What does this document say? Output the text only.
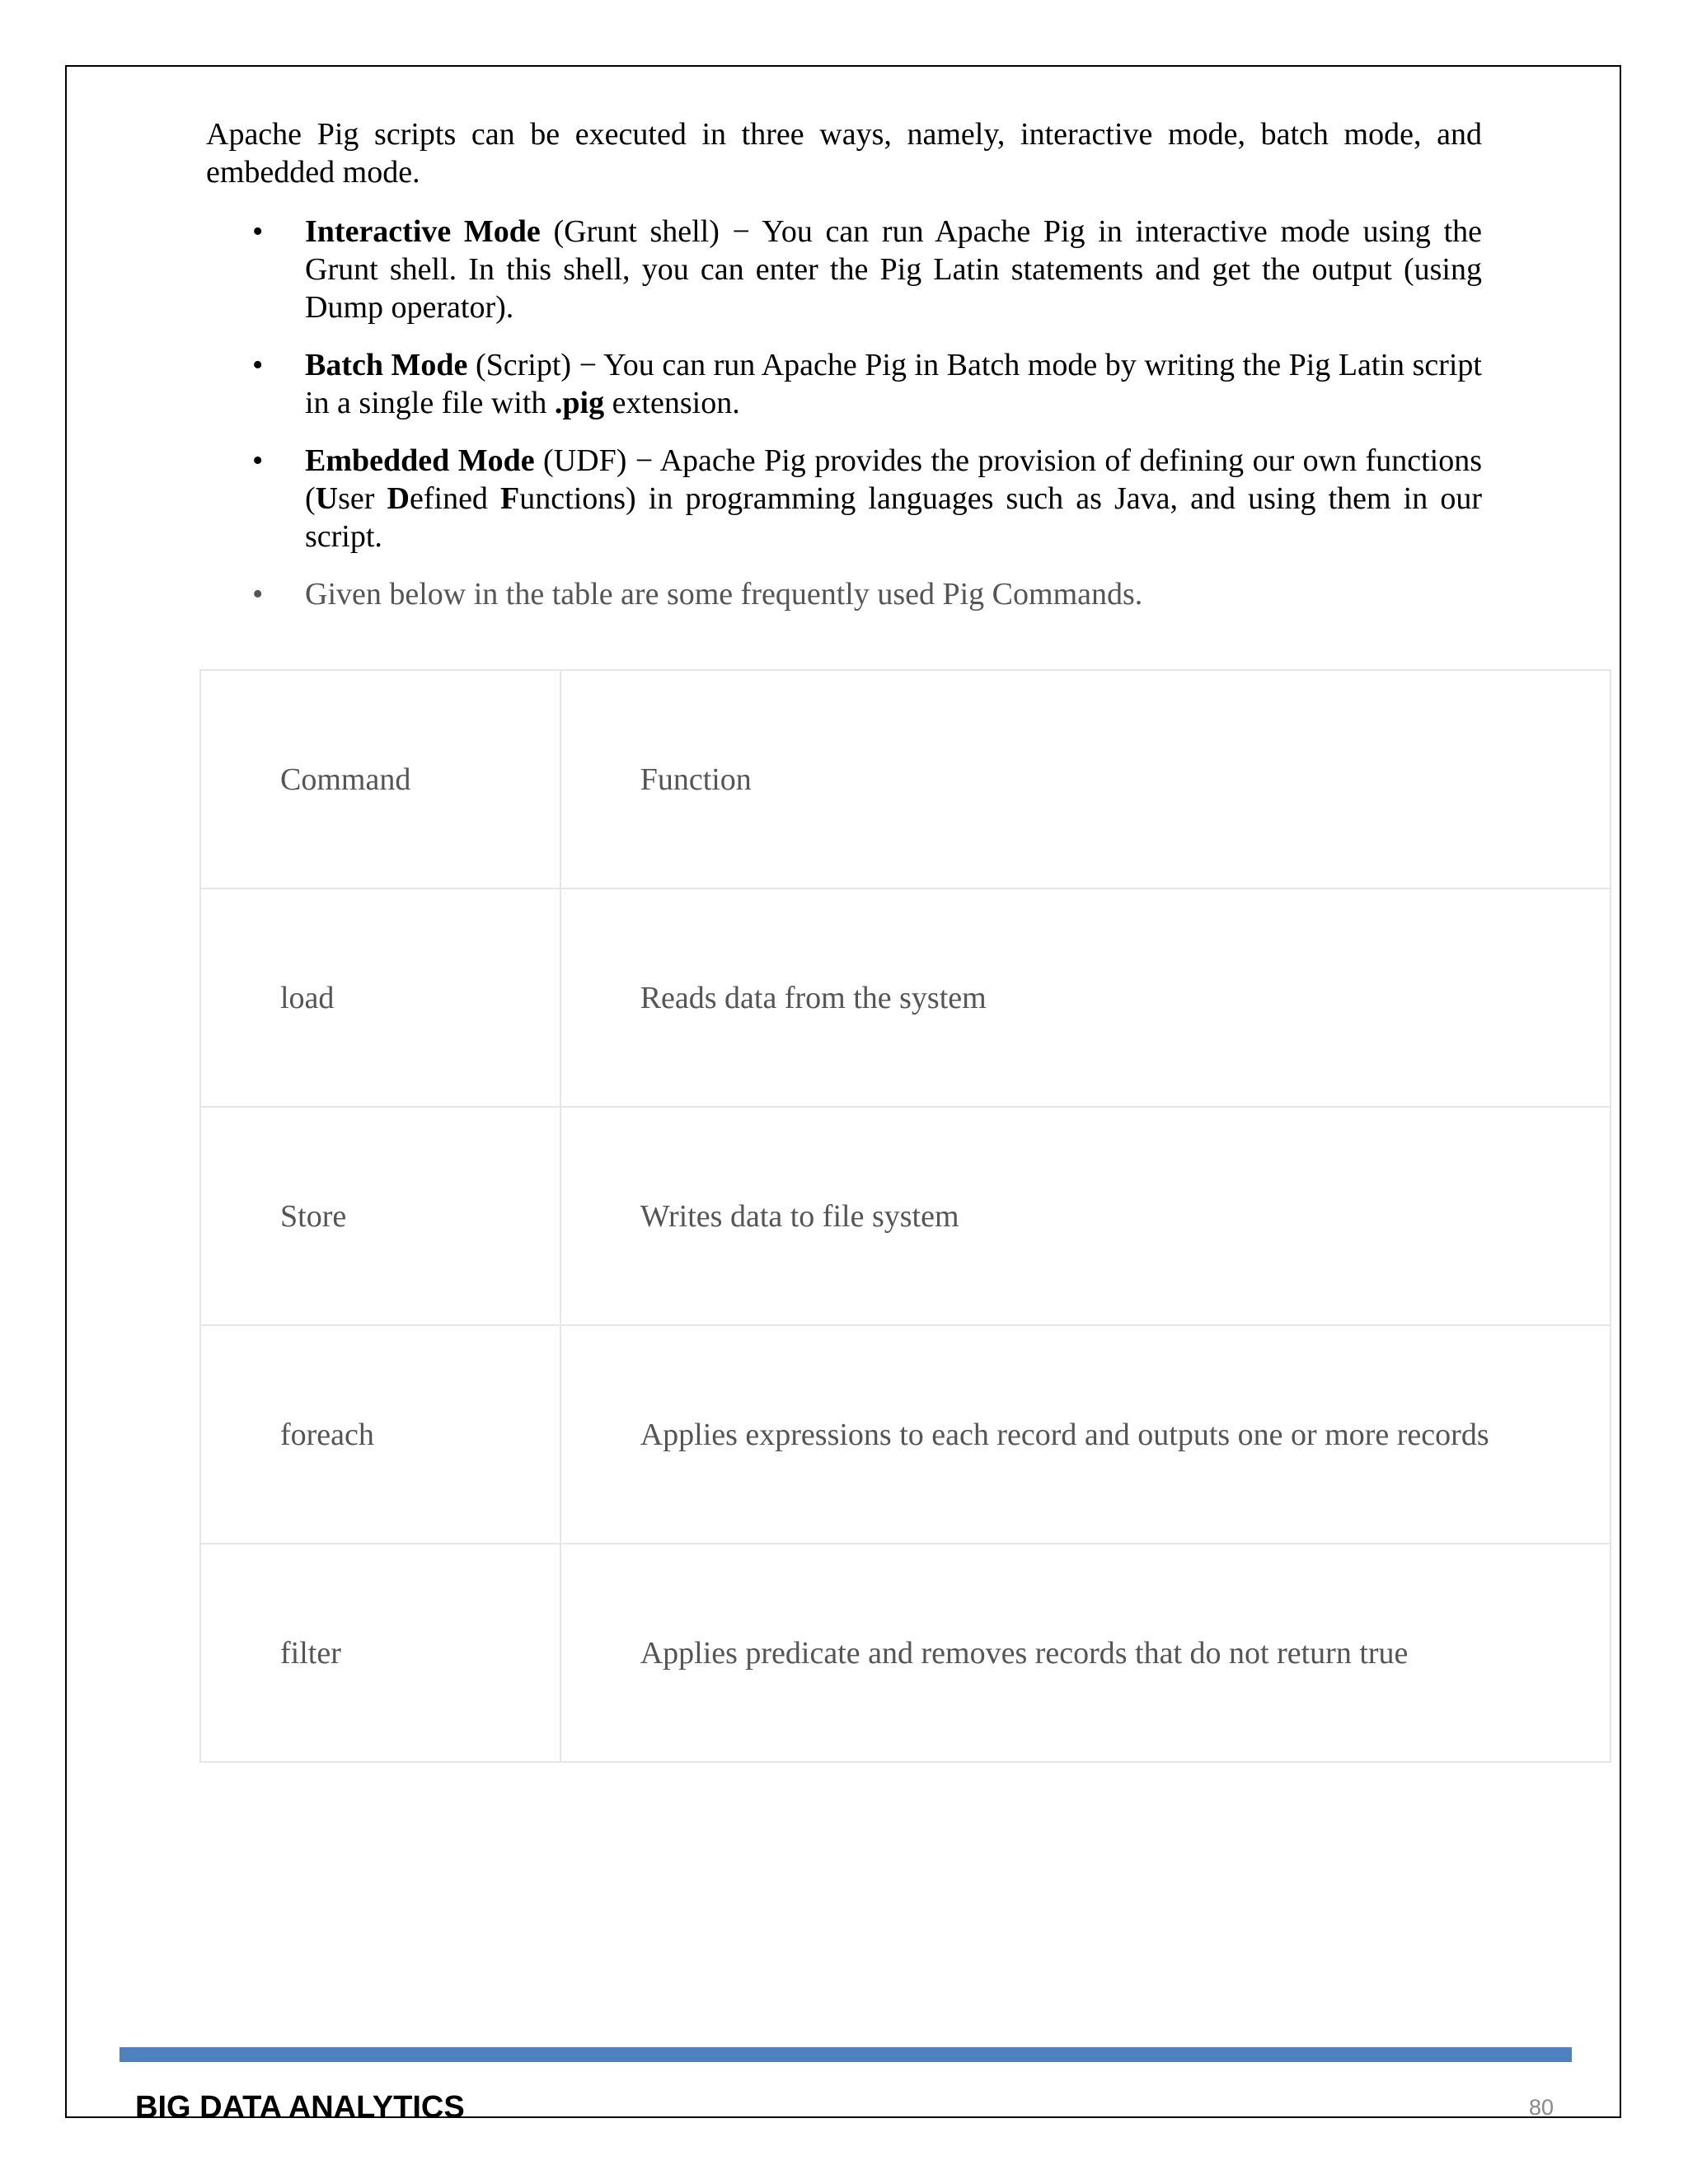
Apache Pig scripts can be executed in three ways, namely, interactive mode, batch mode, and embedded mode.

• Interactive Mode (Grunt shell) − You can run Apache Pig in interactive mode using the Grunt shell. In this shell, you can enter the Pig Latin statements and get the output (using Dump operator).
• Batch Mode (Script) − You can run Apache Pig in Batch mode by writing the Pig Latin script in a single file with .pig extension.
• Embedded Mode (UDF) − Apache Pig provides the provision of defining our own functions (User Defined Functions) in programming languages such as Java, and using them in our script.
• Given below in the table are some frequently used Pig Commands.
Command	Function
load	Reads data from the system
Store	Writes data to file system
foreach	Applies expressions to each record and outputs one or more records
filter	Applies predicate and removes records that do not return true
BIG DATA ANALYTICS	80
